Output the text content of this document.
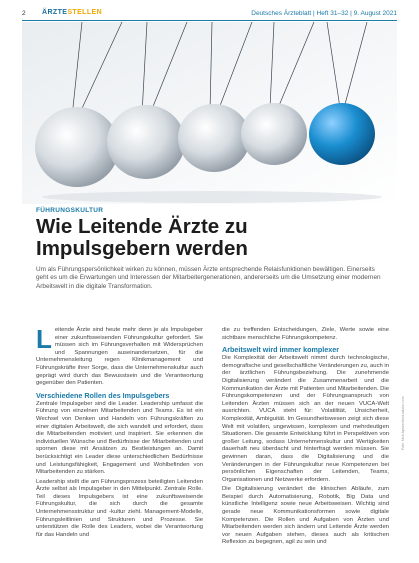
2 ÄRZTESTELLEN	Deutsches Ärzteblatt | Heft 31–32 | 9. August 2021
FÜHRUNGSKULTUR
Wie Leitende Ärzte zu Impulsgebern werden

Um als Führungspersönlichkeit wirken zu können, müssen Ärzte entsprechende Relaisfunktionen bewältigen. Einerseits geht es um die Erwartungen und Interessen der Mitarbeitergenerationen, andererseits um die Umsetzung einer modernen Arbeitswelt in die digitale Transformation.

Leitende Ärzte sind heute mehr denn je als Impulsgeber einer zukunftsweisenden Führungskultur gefordert. Sie müssen sich im Führungsverhalten mit Widersprüchen und Spannungen auseinandersetzen, für die Unternehmensleitung regen Klinikmanagement und Führungskräfte ihrer Sorge, dass die Unternehmenskultur auch geprägt wird durch das Bewusstsein und die Verantwortung gegenüber den Patienten.

Verschiedene Rollen des Impulsgebers

Zentrale Impulsgeber sind die Leader. Leadership umfasst die Führung von einzelnen Mitarbeitenden und Teams. Es ist ein Wechsel von Denken und Handeln von Führungskräften zu einer digitalen Arbeitswelt, die sich wandelt und erfordert, dass die Mitarbeitenden motiviert und inspiriert. Sie erkennen die individuellen Wünsche und Bedürfnisse der Mitarbeitenden und spornen diese mit Ansätzen zu Bestleistungen an. Damit berücksichtigt ein Leader diese unterschiedlichen Bedürfnisse und Leistungsfähigkeit, Engagement und Wohlbefinden von Mitarbeitenden zu stärken.

Leadership stellt die am Führungsprozess beteiligten Leitenden Ärzte selbst als Impulsgeber in den Mittelpunkt. Zentrale Rolle. Teil dieses Impulsgebers ist eine zukunftsweisende Führungskultur, die sich durch die gesamte Unternehmensstruktur und -kultur zieht. Management-Modelle, Führungsleitlinien und Strukturen und Prozesse. Sie unterstützen die Rolle des Leaders, wobei die Verantwortung für das Handeln und

die zu treffenden Entscheidungen, Ziele, Werte sowie eine sichtbare menschliche Führungskompetenz.

Arbeitswelt wird immer komplexer

Die Komplexität der Arbeitswelt nimmt durch technologische, demografische und gesellschaftliche Veränderungen zu, auch in der ärztlichen Führungsbeziehung. Die zunehmende Digitalisierung verändert die Zusammenarbeit und die Kommunikation der Ärzte mit Patienten und Mitarbeitenden. Die Führungskompetenzen und der Führungsanspruch von Leitenden Ärzten müssen sich an der neuen VUCA-Welt ausrichten. VUCA steht für: Volatilität, Unsicherheit, Komplexität, Ambiguität. Im Gesundheitswesen zeigt sich diese Welt mit volatilen, ungewissen, komplexen und mehrdeutigen Situationen. Die gesamte Entwicklung führt in Perspektiven von großer Leitung, sodass Unternehmenskultur und Wertigkeiten dauerhaft neu überdacht und hinterfragt werden müssen. Sie gewinnen daran, dass die Digitalisierung und die Veränderungen in der Führungskultur neue Kompetenzen bei persönlichen Eigenschaften der Leitenden, Teams, Organisationen und Netzwerke erfordern.

Die Digitalisierung verändert die klinischen Abläufe, zum Beispiel durch Automatisierung, Robotik, Big Data und künstliche Intelligenz sowie neue Arbeitsweisen. Wichtig sind gerade neue Kommunikationsformen sowie digitale Kompetenzen. Die Rollen und Aufgaben von Ärzten und Mitarbeitenden werden sich ändern und Leitende Ärzte werden vor neuen Aufgaben stehen, dieses auch als kritischen Reflexion zu begegnen, agil zu sein und

Foto: Nick Aysan/stock.adobe.com
